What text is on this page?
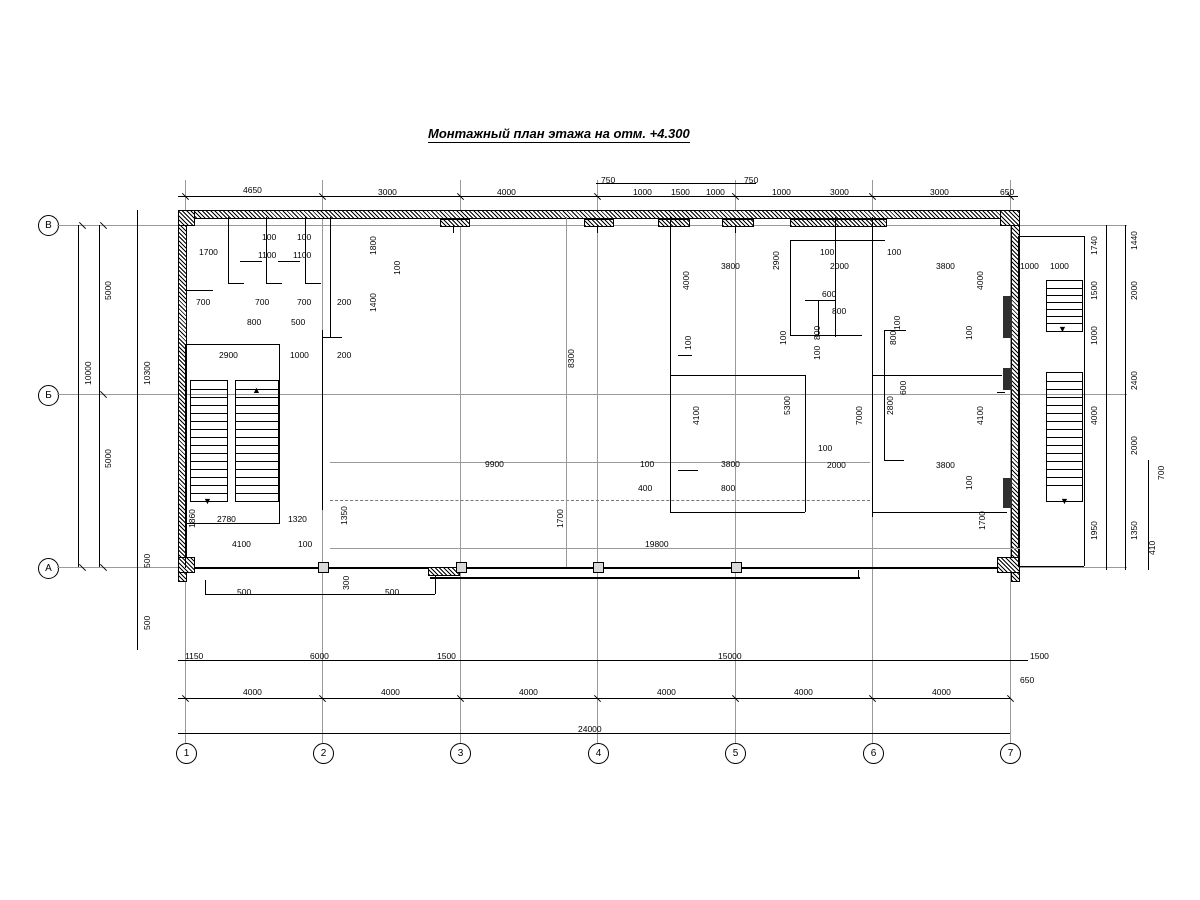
Монтажный план этажа на отм. +4.300
В
Б
А
1	2	3	4	5	6	7
▼
▲
▼
▼
4650	3000	4000
750
1000 1500 1000
750
1000	3000	3000	650
1700
100 100
1100 1100
700	700	700	200
800	500
2900	1000	200
9900
2780	1320
4100	100	19800
500	500
3800
100	3800
400	800
100	100
2000	3800
600
800
100
2000	3800
1000 1000
1150	6000	1500	15000	1500
650
4000	4000	4000	4000	4000	4000
24000
5000
5000
10000	10300
500
500
300
1350
1860
1800
100
1400
8300
1700
4000
100
4100
100
5300
2900
800
100
100
800
2800
600
7000
4000
100
4100
100
1700
1500
1000
4000
1950
1740	1440
2000
2400
2000
700
1350
410
